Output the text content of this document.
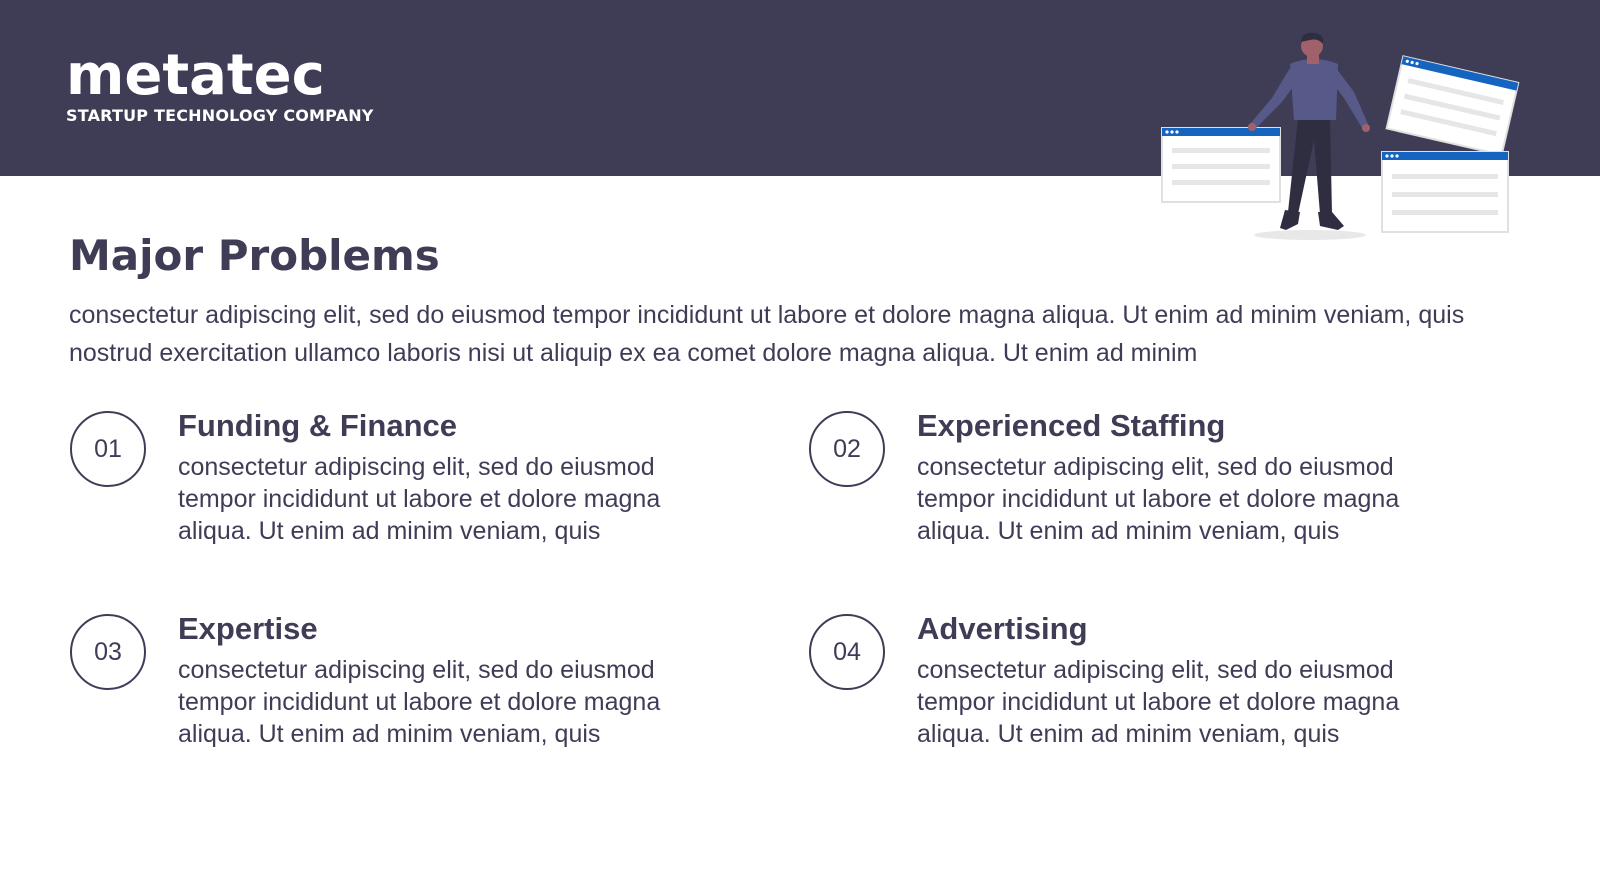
metatec
STARTUP TECHNOLOGY COMPANY
Major Problems

consectetur adipiscing elit, sed do eiusmod tempor incididunt ut labore et dolore magna aliqua. Ut enim ad minim veniam, quis nostrud exercitation ullamco laboris nisi ut aliquip ex ea comet dolore magna aliqua. Ut enim ad minim

01
Funding & Finance
consectetur adipiscing elit, sed do eiusmod tempor incididunt ut labore et dolore magna aliqua. Ut enim ad minim veniam, quis
02
Experienced Staffing
consectetur adipiscing elit, sed do eiusmod tempor incididunt ut labore et dolore magna aliqua. Ut enim ad minim veniam, quis
03
Expertise
consectetur adipiscing elit, sed do eiusmod tempor incididunt ut labore et dolore magna aliqua. Ut enim ad minim veniam, quis
04
Advertising
consectetur adipiscing elit, sed do eiusmod tempor incididunt ut labore et dolore magna aliqua. Ut enim ad minim veniam, quis
